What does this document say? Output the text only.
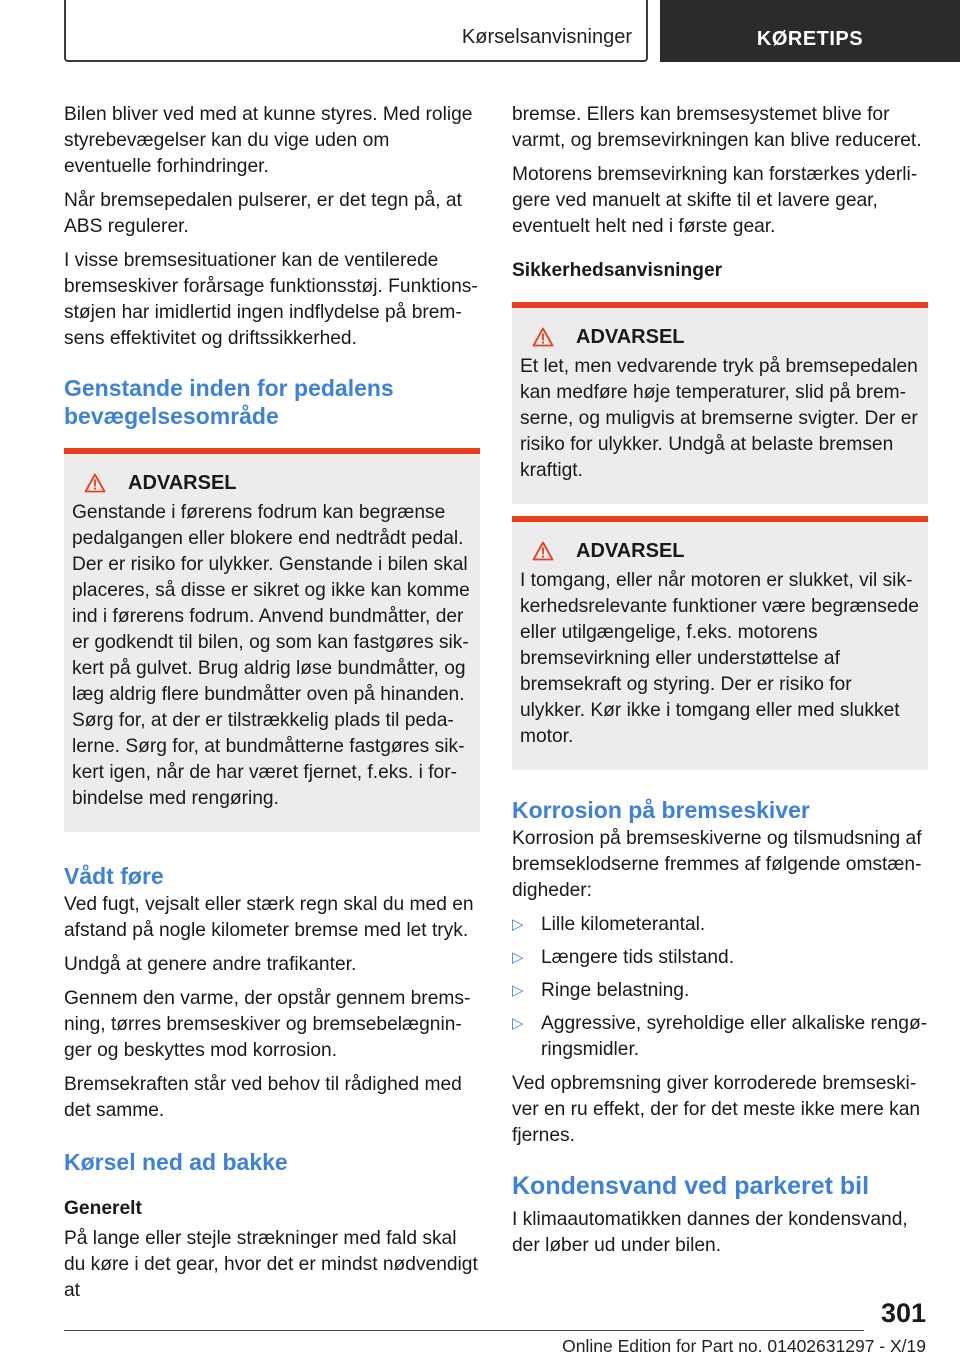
Kørselsanvisninger	KØRETIPS

Bilen bliver ved med at kunne styres. Med rolige styrebevægelser kan du vige uden om eventuelle forhindringer.

Når bremsepedalen pulserer, er det tegn på, at ABS regulerer.

I visse bremsesituationer kan de ventilerede bremseskiver forårsage funktionsstøj. Funktionsstøjen har imidlertid ingen indflydelse på bremsens effektivitet og driftssikkerhed.

Genstande inden for pedalens bevægelsesområde
ADVARSEL

Genstande i førerens fodrum kan begrænse pedalgangen eller blokere end nedtrådt pedal. Der er risiko for ulykker. Genstande i bilen skal placeres, så disse er sikret og ikke kan komme ind i førerens fodrum. Anvend bundmåtter, der er godkendt til bilen, og som kan fastgøres sikkert på gulvet. Brug aldrig løse bundmåtter, og læg aldrig flere bundmåtter oven på hinanden. Sørg for, at der er tilstrækkelig plads til pedalerne. Sørg for, at bundmåtterne fastgøres sikkert igen, når de har været fjernet, f.eks. i forbindelse med rengøring.

Vådt føre

Ved fugt, vejsalt eller stærk regn skal du med en afstand på nogle kilometer bremse med let tryk.

Undgå at genere andre trafikanter.

Gennem den varme, der opstår gennem bremsning, tørres bremseskiver og bremsebelægninger og beskyttes mod korrosion.

Bremsekraften står ved behov til rådighed med det samme.

Kørsel ned ad bakke
Generelt

På lange eller stejle strækninger med fald skal du køre i det gear, hvor det er mindst nødvendigt at

bremse. Ellers kan bremsesystemet blive for varmt, og bremsevirkningen kan blive reduceret.

Motorens bremsevirkning kan forstærkes yderligere ved manuelt at skifte til et lavere gear, eventuelt helt ned i første gear.

Sikkerhedsanvisninger
ADVARSEL

Et let, men vedvarende tryk på bremsepedalen kan medføre høje temperaturer, slid på bremserne, og muligvis at bremserne svigter. Der er risiko for ulykker. Undgå at belaste bremsen kraftigt.

ADVARSEL

I tomgang, eller når motoren er slukket, vil sikkerhedsrelevante funktioner være begrænsede eller utilgængelige, f.eks. motorens bremsevirkning eller understøttelse af bremsekraft og styring. Der er risiko for ulykker. Kør ikke i tomgang eller med slukket motor.

Korrosion på bremseskiver

Korrosion på bremseskiverne og tilsmudsning af bremseklodserne fremmes af følgende omstændigheder:

▷ Lille kilometerantal.
▷ Længere tids stilstand.
▷ Ringe belastning.
▷ Aggressive, syreholdige eller alkaliske rengøringsmidler.

Ved opbremsning giver korroderede bremseskiver en ru effekt, der for det meste ikke mere kan fjernes.

Kondensvand ved parkeret bil

I klimaautomatikken dannes der kondensvand, der løber ud under bilen.

301
Online Edition for Part no. 01402631297 - X/19
